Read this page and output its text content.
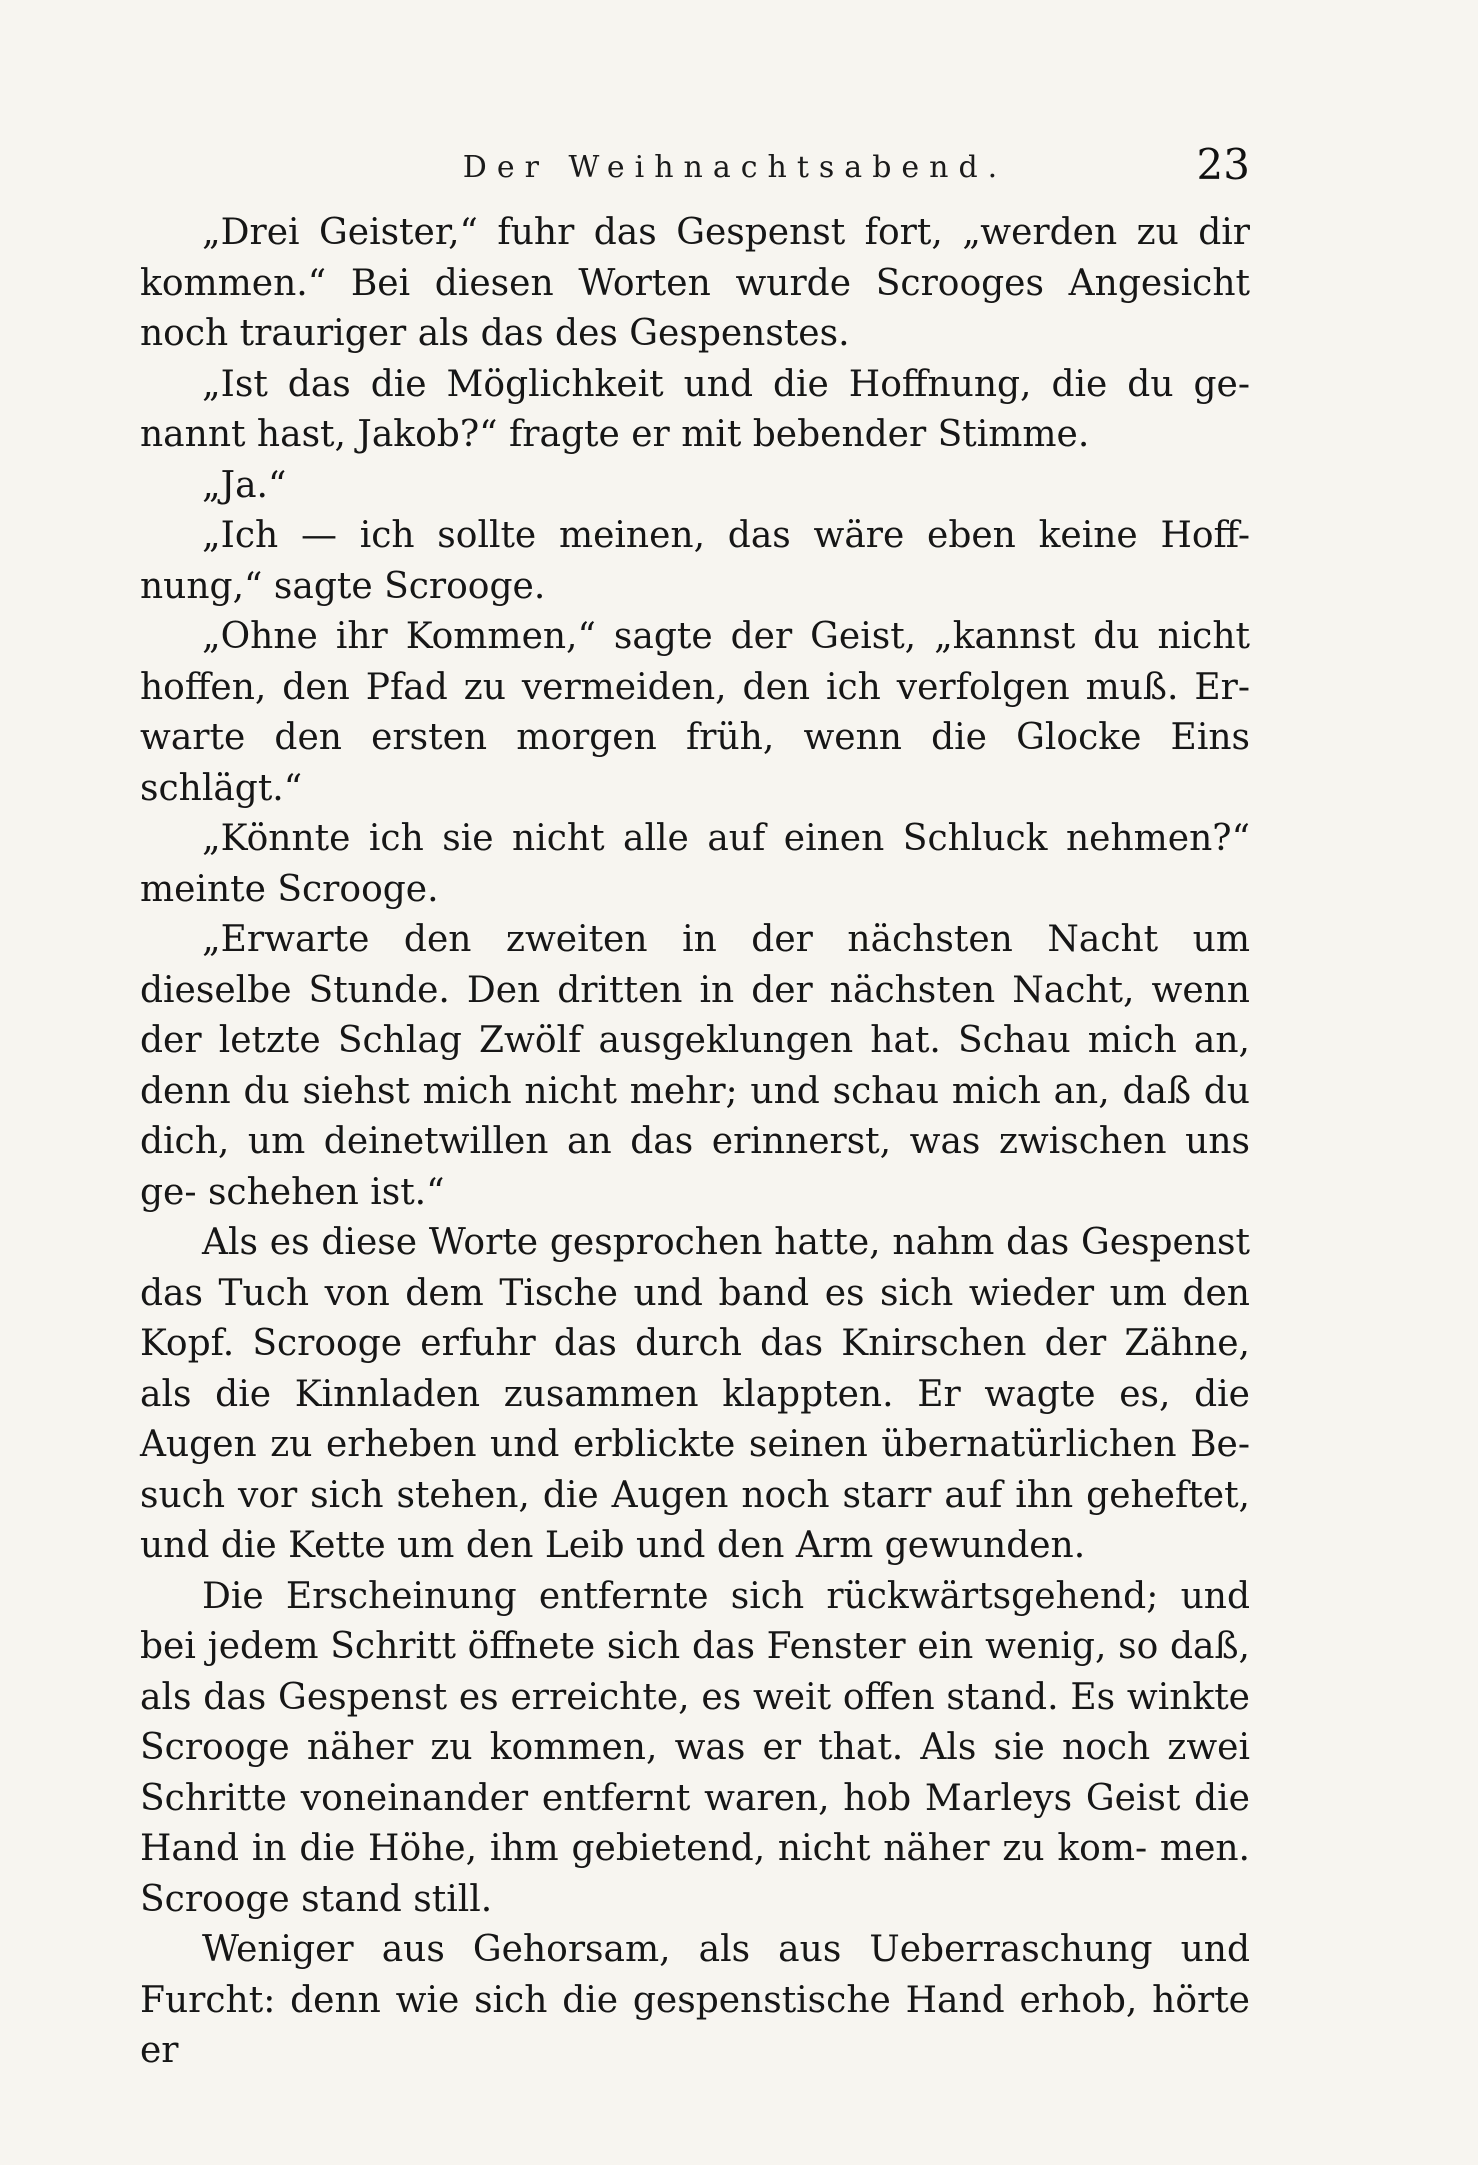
Der Weihnachtsabend.	23

„Drei Geister,“ fuhr das Gespenst fort, „werden zu dir kommen.“ Bei diesen Worten wurde Scrooges Angesicht noch trauriger als das des Gespenstes.

„Ist das die Möglichkeit und die Hoffnung, die du ge- nannt hast, Jakob?“ fragte er mit bebender Stimme.

„Ja.“

„Ich — ich sollte meinen, das wäre eben keine Hoff- nung,“ sagte Scrooge.

„Ohne ihr Kommen,“ sagte der Geist, „kannst du nicht hoffen, den Pfad zu vermeiden, den ich verfolgen muß. Er- warte den ersten morgen früh, wenn die Glocke Eins schlägt.“

„Könnte ich sie nicht alle auf einen Schluck nehmen?“ meinte Scrooge.

„Erwarte den zweiten in der nächsten Nacht um dieselbe Stunde. Den dritten in der nächsten Nacht, wenn der letzte Schlag Zwölf ausgeklungen hat. Schau mich an, denn du siehst mich nicht mehr; und schau mich an, daß du dich, um deinetwillen an das erinnerst, was zwischen uns ge- schehen ist.“

Als es diese Worte gesprochen hatte, nahm das Gespenst das Tuch von dem Tische und band es sich wieder um den Kopf. Scrooge erfuhr das durch das Knirschen der Zähne, als die Kinnladen zusammen klappten. Er wagte es, die Augen zu erheben und erblickte seinen übernatürlichen Be- such vor sich stehen, die Augen noch starr auf ihn geheftet, und die Kette um den Leib und den Arm gewunden.

Die Erscheinung entfernte sich rückwärtsgehend; und bei jedem Schritt öffnete sich das Fenster ein wenig, so daß, als das Gespenst es erreichte, es weit offen stand. Es winkte Scrooge näher zu kommen, was er that. Als sie noch zwei Schritte voneinander entfernt waren, hob Marleys Geist die Hand in die Höhe, ihm gebietend, nicht näher zu kom- men. Scrooge stand still.

Weniger aus Gehorsam, als aus Ueberraschung und Furcht: denn wie sich die gespenstische Hand erhob, hörte er
